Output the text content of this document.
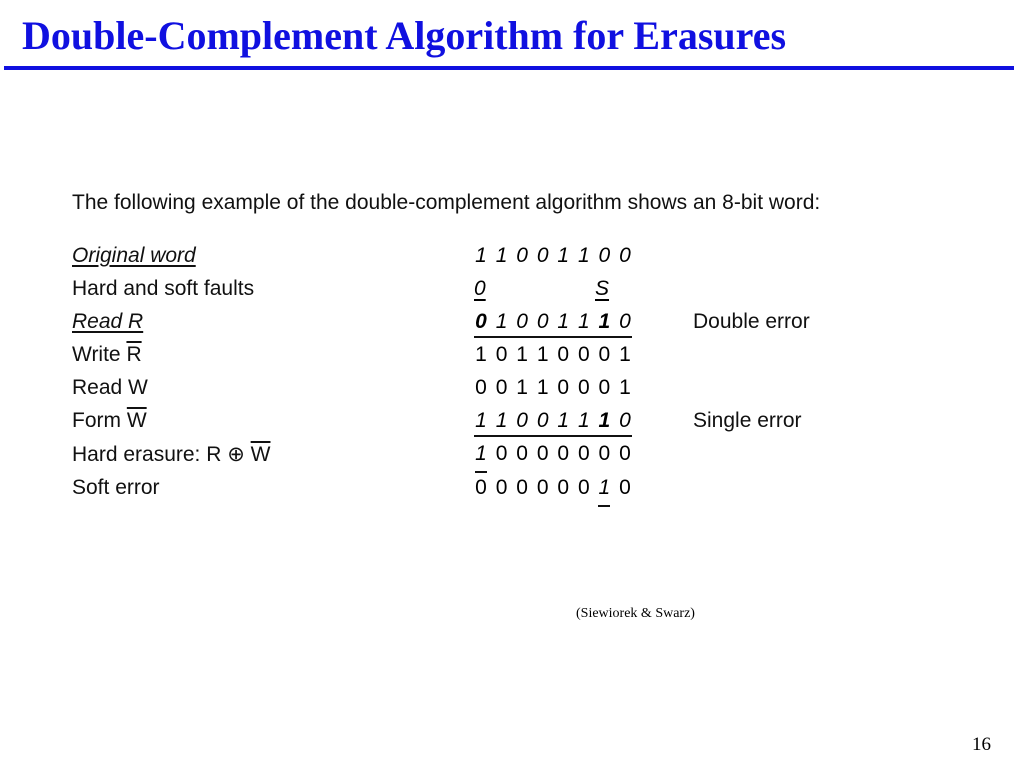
Double-Complement Algorithm for Erasures
The following example of the double-complement algorithm shows an 8-bit word:
Original word	1 1 0 0 1 1 0 0
Hard and soft faults	0	S
Read R	0 1 0 0 1 1 1 0	Double error
Write $\overline{R}$	1 0 1 1 0 0 0 1
Read W	0 0 1 1 0 0 0 1
Form $\overline{W}$	1 1 0 0 1 1 1 0	Single error
Hard erasure: R ⊕ $\overline{W}$	1 0 0 0 0 0 0 0
Soft error	0 0 0 0 0 0 1 0
(Siewiorek & Swarz)
16
